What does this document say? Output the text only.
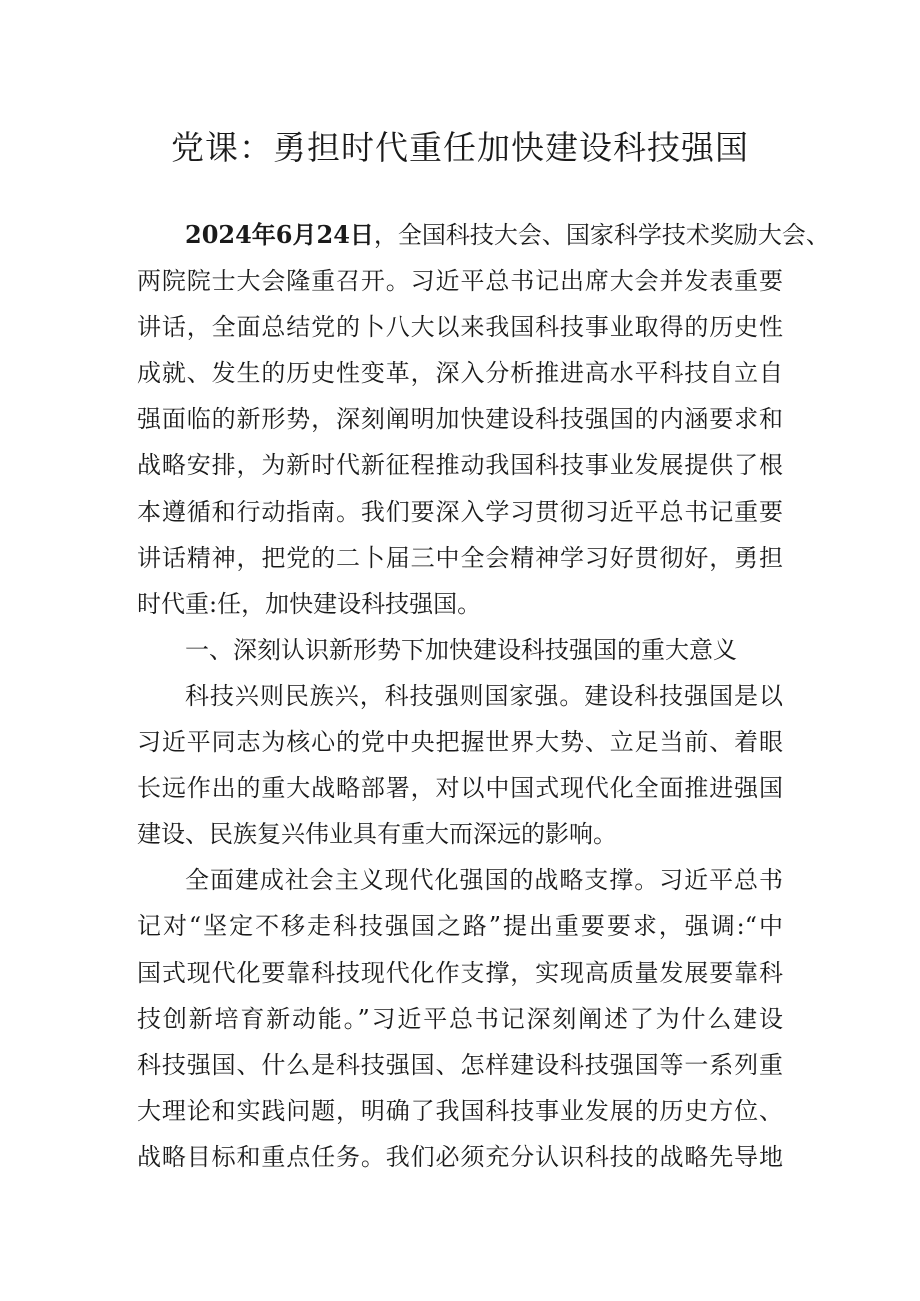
党课：勇担时代重任加快建设科技强国
2024年6月24日，全国科技大会、国家科学技术奖励大会、
两院院士大会隆重召开。习近平总书记出席大会并发表重要
讲话，全面总结党的卜八大以来我国科技事业取得的历史性
成就、发生的历史性变革，深入分析推进高水平科技自立自
强面临的新形势，深刻阐明加快建设科技强国的内涵要求和
战略安排，为新时代新征程推动我国科技事业发展提供了根
本遵循和行动指南。我们要深入学习贯彻习近平总书记重要
讲话精神，把党的二卜届三中全会精神学习好贯彻好，勇担
时代重:任，加快建设科技强国。
一、深刻认识新形势下加快建设科技强国的重大意义
科技兴则民族兴，科技强则国家强。建设科技强国是以
习近平同志为核心的党中央把握世界大势、立足当前、着眼
长远作出的重大战略部署，对以中国式现代化全面推进强国
建设、民族复兴伟业具有重大而深远的影响。
全面建成社会主义现代化强国的战略支撑。习近平总书
记对“坚定不移走科技强国之路”提出重要要求，强调:“中
国式现代化要靠科技现代化作支撑，实现高质量发展要靠科
技创新培育新动能。”习近平总书记深刻阐述了为什么建设
科技强国、什么是科技强国、怎样建设科技强国等一系列重
大理论和实践问题，明确了我国科技事业发展的历史方位、
战略目标和重点任务。我们必须充分认识科技的战略先导地
